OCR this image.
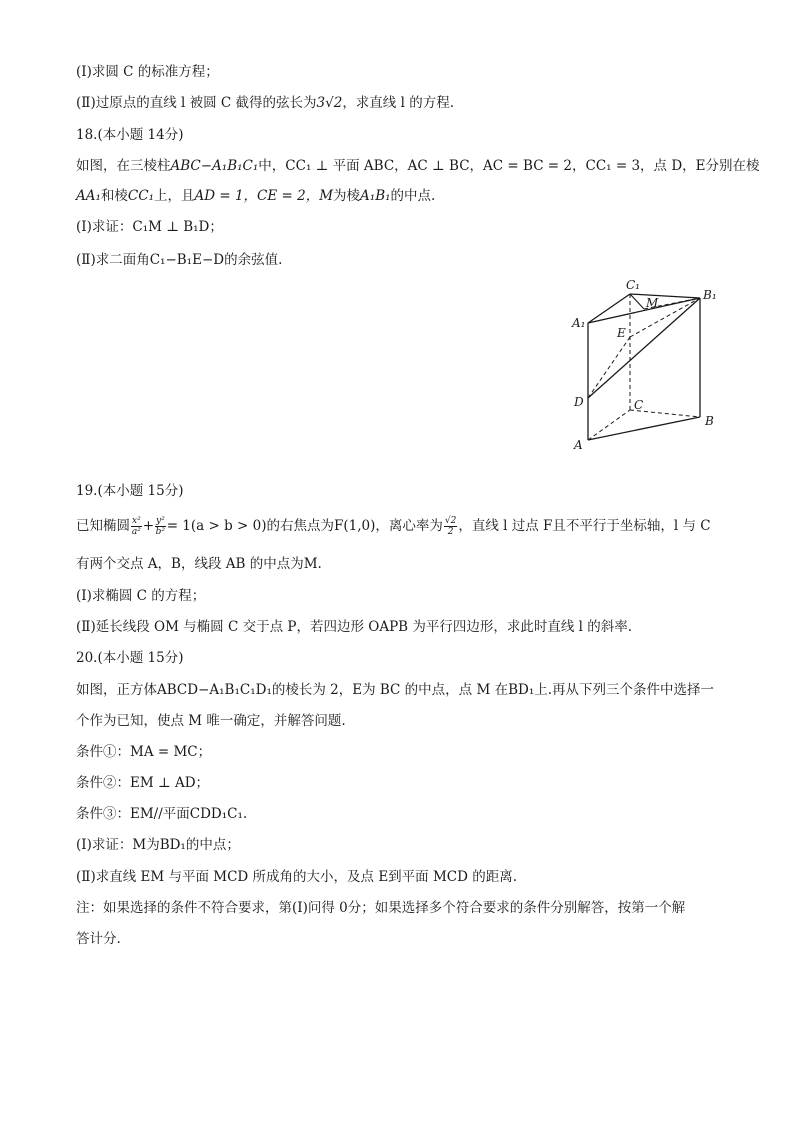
(Ⅰ)求圆 C 的标准方程；
(Ⅱ)过原点的直线 l 被圆 C 截得的弦长为3√2，求直线 l 的方程.
18.(本小题 14分)
如图，在三棱柱ABC−A₁B₁C₁中，CC₁ ⊥ 平面 ABC，AC ⊥ BC，AC = BC = 2，CC₁ = 3，点 D，E分别在棱
AA₁和棱CC₁上，且AD = 1，CE = 2，M为棱A₁B₁的中点.
(Ⅰ)求证：C₁M ⊥ B₁D；
(Ⅱ)求二面角C₁−B₁E−D的余弦值.
C₁
B₁
A₁
M
E
D	C
B
A
19.(本小题 15分)
已知椭圆 $\frac{\text{x²}}{\text{a²}} + \frac{\text{y²}}{\text{b²}} = 1(a > b > 0)$的右焦点为F(1,0)，离心率为 $\frac{√2}{2}$ ，直线 l 过点 F且不平行于坐标轴，l 与 C
有两个交点 A，B，线段 AB 的中点为M.
(Ⅰ)求椭圆 C 的方程；
(Ⅱ)延长线段 OM 与椭圆 C 交于点 P，若四边形 OAPB 为平行四边形，求此时直线 l 的斜率.
20.(本小题 15分)
如图，正方体ABCD−A₁B₁C₁D₁的棱长为 2，E为 BC 的中点，点 M 在BD₁上.再从下列三个条件中选择一
个作为已知，使点 M 唯一确定，并解答问题.
条件①：MA = MC；
条件②：EM ⊥ AD；
条件③：EM//平面CDD₁C₁.
(Ⅰ)求证：M为BD₁的中点；
(Ⅱ)求直线 EM 与平面 MCD 所成角的大小，及点 E到平面 MCD 的距离.
注：如果选择的条件不符合要求，第(Ⅰ)问得 0分；如果选择多个符合要求的条件分别解答，按第一个解
答计分.
